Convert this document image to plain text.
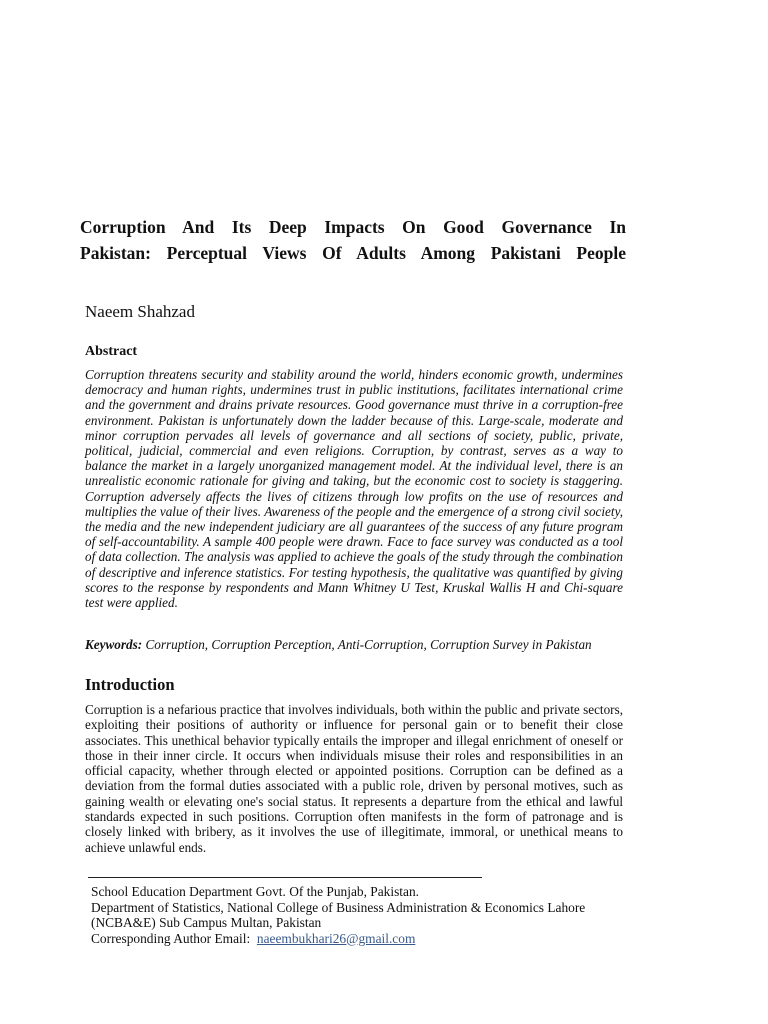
Corruption And Its Deep Impacts On Good Governance In
Pakistan: Perceptual Views Of Adults Among Pakistani People

Naeem Shahzad

Abstract

Corruption threatens security and stability around the world, hinders economic growth, undermines democracy and human rights, undermines trust in public institutions, facilitates international crime and the government and drains private resources. Good governance must thrive in a corruption-free environment. Pakistan is unfortunately down the ladder because of this. Large-scale, moderate and minor corruption pervades all levels of governance and all sections of society, public, private, political, judicial, commercial and even religions. Corruption, by contrast, serves as a way to balance the market in a largely unorganized management model. At the individual level, there is an unrealistic economic rationale for giving and taking, but the economic cost to society is staggering. Corruption adversely affects the lives of citizens through low profits on the use of resources and multiplies the value of their lives. Awareness of the people and the emergence of a strong civil society, the media and the new independent judiciary are all guarantees of the success of any future program of self-accountability. A sample 400 people were drawn. Face to face survey was conducted as a tool of data collection. The analysis was applied to achieve the goals of the study through the combination of descriptive and inference statistics. For testing hypothesis, the qualitative was quantified by giving scores to the response by respondents and Mann Whitney U Test, Kruskal Wallis H and Chi-square test were applied.

Keywords: Corruption, Corruption Perception, Anti-Corruption, Corruption Survey in Pakistan

Introduction

Corruption is a nefarious practice that involves individuals, both within the public and private sectors, exploiting their positions of authority or influence for personal gain or to benefit their close associates. This unethical behavior typically entails the improper and illegal enrichment of oneself or those in their inner circle. It occurs when individuals misuse their roles and responsibilities in an official capacity, whether through elected or appointed positions. Corruption can be defined as a deviation from the formal duties associated with a public role, driven by personal motives, such as gaining wealth or elevating one's social status. It represents a departure from the ethical and lawful standards expected in such positions. Corruption often manifests in the form of patronage and is closely linked with bribery, as it involves the use of illegitimate, immoral, or unethical means to achieve unlawful ends.

School Education Department Govt. Of the Punjab, Pakistan.
Department of Statistics, National College of Business Administration & Economics Lahore (NCBA&E) Sub Campus Multan, Pakistan
Corresponding Author Email:  naeembukhari26@gmail.com
